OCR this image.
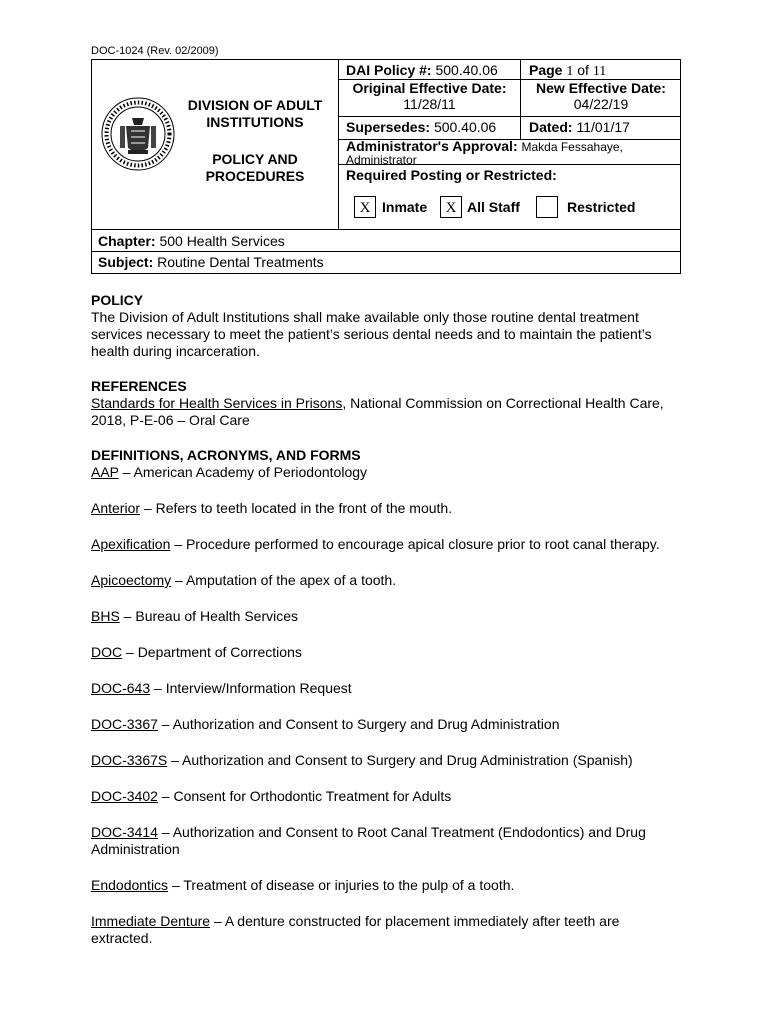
DOC-1024 (Rev. 02/2009)
DIVISION OF ADULT
INSTITUTIONS
POLICY AND
PROCEDURES
DAI Policy #: 500.40.06 Page 1 of 11
Original Effective Date:
11/28/11
New Effective Date:
04/22/19
Supersedes: 500.40.06 Dated: 11/01/17
Administrator's Approval: Makda Fessahaye,
Administrator
Required Posting or Restricted:
X Inmate	X All Staff	Restricted
Chapter: 500 Health Services
Subject: Routine Dental Treatments
POLICY

The Division of Adult Institutions shall make available only those routine dental treatment services necessary to meet the patient’s serious dental needs and to maintain the patient’s health during incarceration.

REFERENCES

Standards for Health Services in Prisons, National Commission on Correctional Health Care, 2018, P-E-06 – Oral Care

DEFINITIONS, ACRONYMS, AND FORMS

AAP – American Academy of Periodontology

Anterior – Refers to teeth located in the front of the mouth.

Apexification – Procedure performed to encourage apical closure prior to root canal therapy.

Apicoectomy – Amputation of the apex of a tooth.

BHS – Bureau of Health Services

DOC – Department of Corrections

DOC-643 – Interview/Information Request

DOC-3367 – Authorization and Consent to Surgery and Drug Administration

DOC-3367S – Authorization and Consent to Surgery and Drug Administration (Spanish)

DOC-3402 – Consent for Orthodontic Treatment for Adults

DOC-3414 – Authorization and Consent to Root Canal Treatment (Endodontics) and Drug Administration

Endodontics – Treatment of disease or injuries to the pulp of a tooth.

Immediate Denture – A denture constructed for placement immediately after teeth are extracted.
